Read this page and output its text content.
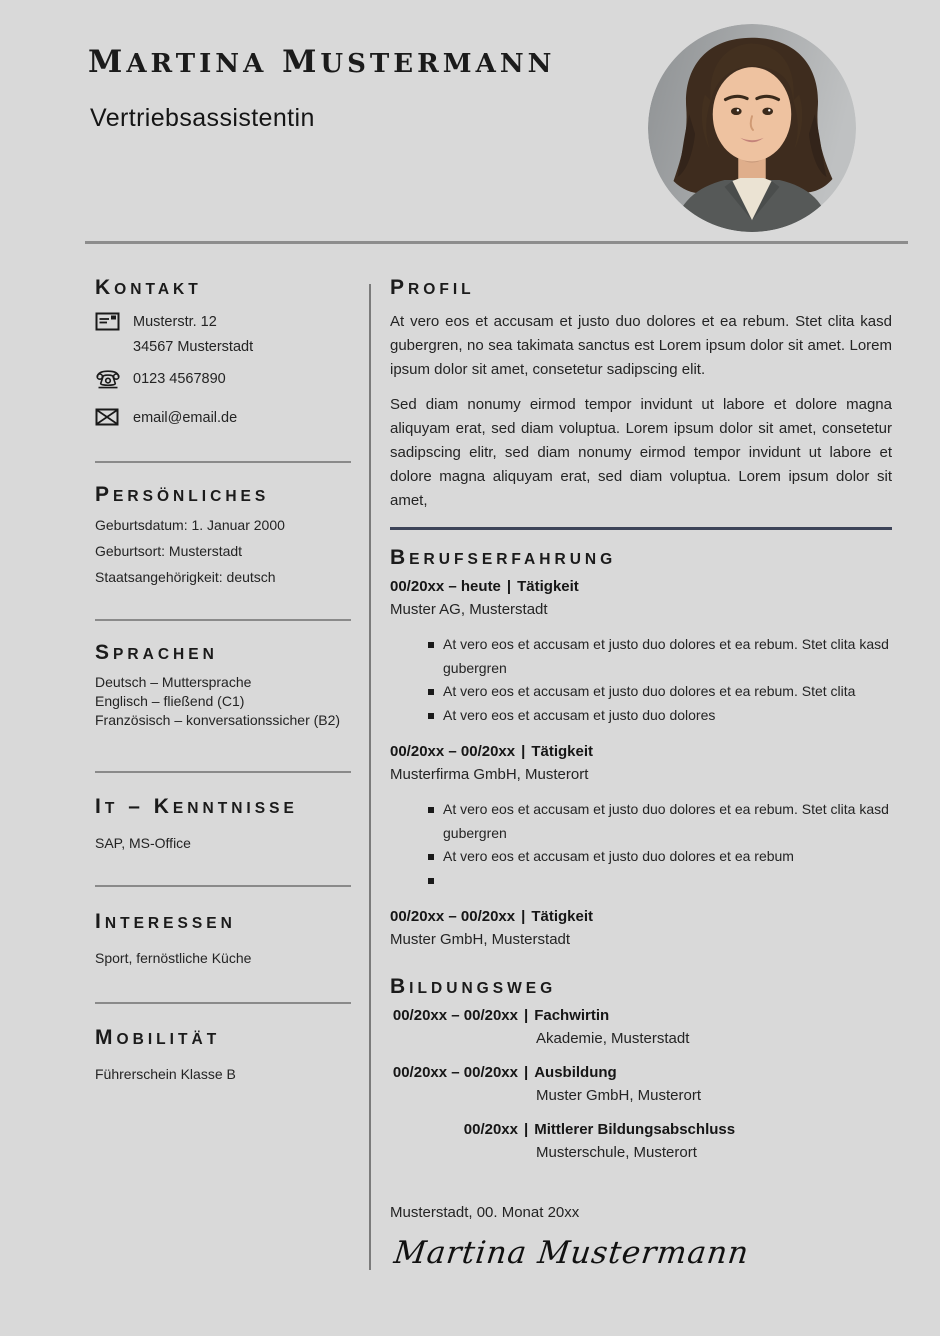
MARTINA MUSTERMANN
Vertriebsassistentin
KONTAKT
Musterstr. 12
34567 Musterstadt
0123 4567890
email@email.de
PERSÖNLICHES

Geburtsdatum: 1. Januar 2000

Geburtsort: Musterstadt

Staatsangehörigkeit: deutsch

SPRACHEN

Deutsch – Muttersprache

Englisch – fließend (C1)

Französisch – konversationssicher (B2)

IT – KENNTNISSE

SAP, MS-Office

INTERESSEN

Sport, fernöstliche Küche

MOBILITÄT

Führerschein Klasse B

PROFIL

At vero eos et accusam et justo duo dolores et ea rebum. Stet clita kasd gubergren, no sea takimata sanctus est Lorem ipsum dolor sit amet. Lorem ipsum dolor sit amet, consetetur sadipscing elit.

Sed diam nonumy eirmod tempor invidunt ut labore et dolore magna aliquyam erat, sed diam voluptua. Lorem ipsum dolor sit amet, consetetur sadipscing elitr, sed diam nonumy eirmod tempor invidunt ut labore et dolore magna aliquyam erat, sed diam voluptua. Lorem ipsum dolor sit amet,

BERUFSERFAHRUNG

00/20xx – heute | Tätigkeit

Muster AG, Musterstadt

At vero eos et accusam et justo duo dolores et ea rebum. Stet clita kasd gubergren
At vero eos et accusam et justo duo dolores et ea rebum. Stet clita
At vero eos et accusam et justo duo dolores

00/20xx – 00/20xx | Tätigkeit

Musterfirma GmbH, Musterort

At vero eos et accusam et justo duo dolores et ea rebum. Stet clita kasd gubergren
At vero eos et accusam et justo duo dolores et ea rebum

00/20xx – 00/20xx | Tätigkeit

Muster GmbH, Musterstadt

BILDUNGSWEG

00/20xx – 00/20xx | Fachwirtin

Akademie, Musterstadt

00/20xx – 00/20xx | Ausbildung

Muster GmbH, Musterort

00/20xx | Mittlerer Bildungsabschluss

Musterschule, Musterort

Musterstadt, 00. Monat 20xx

Martina Mustermann
